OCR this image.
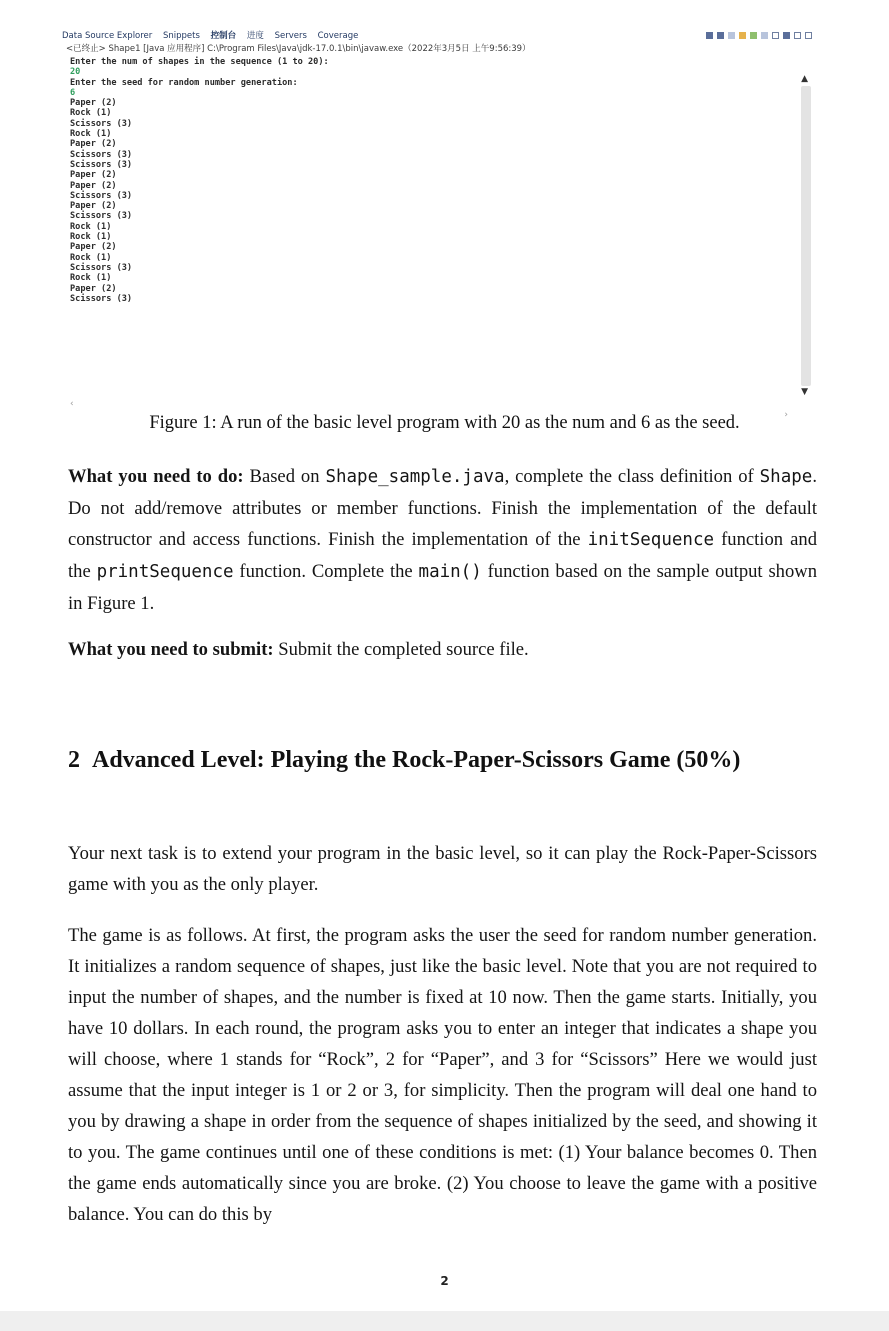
Data Source Explorer Snippets 控制台 进度 Servers Coverage
<已终止> Shape1 [Java 应用程序] C:\Program Files\Java\jdk-17.0.1\bin\javaw.exe（2022年3月5日 上午9:56:39）
Enter the num of shapes in the sequence (1 to 20):
20
Enter the seed for random number generation:
6
Paper (2)
Rock (1)
Scissors (3)
Rock (1)
Paper (2)
Scissors (3)
Scissors (3)
Paper (2)
Paper (2)
Scissors (3)
Paper (2)
Scissors (3)
Rock (1)
Rock (1)
Paper (2)
Rock (1)
Scissors (3)
Rock (1)
Paper (2)
Scissors (3)
▲
▼
‹
›

Figure 1: A run of the basic level program with 20 as the num and 6 as the seed.

What you need to do: Based on Shape_sample.java, complete the class definition of Shape. Do not add/remove attributes or member functions. Finish the implementation of the default constructor and access functions. Finish the implementation of the initSequence function and the printSequence function. Complete the main() function based on the sample output shown in Figure 1.

What you need to submit: Submit the completed source file.

2 Advanced Level: Playing the Rock-Paper-Scissors Game (50%)

Your next task is to extend your program in the basic level, so it can play the Rock-Paper-Scissors game with you as the only player.

The game is as follows. At first, the program asks the user the seed for random number generation. It initializes a random sequence of shapes, just like the basic level. Note that you are not required to input the number of shapes, and the number is fixed at 10 now. Then the game starts. Initially, you have 10 dollars. In each round, the program asks you to enter an integer that indicates a shape you will choose, where 1 stands for “Rock”, 2 for “Paper”, and 3 for “Scissors” Here we would just assume that the input integer is 1 or 2 or 3, for simplicity. Then the program will deal one hand to you by drawing a shape in order from the sequence of shapes initialized by the seed, and showing it to you. The game continues until one of these conditions is met: (1) Your balance becomes 0. Then the game ends automatically since you are broke. (2) You choose to leave the game with a positive balance. You can do this by

2
